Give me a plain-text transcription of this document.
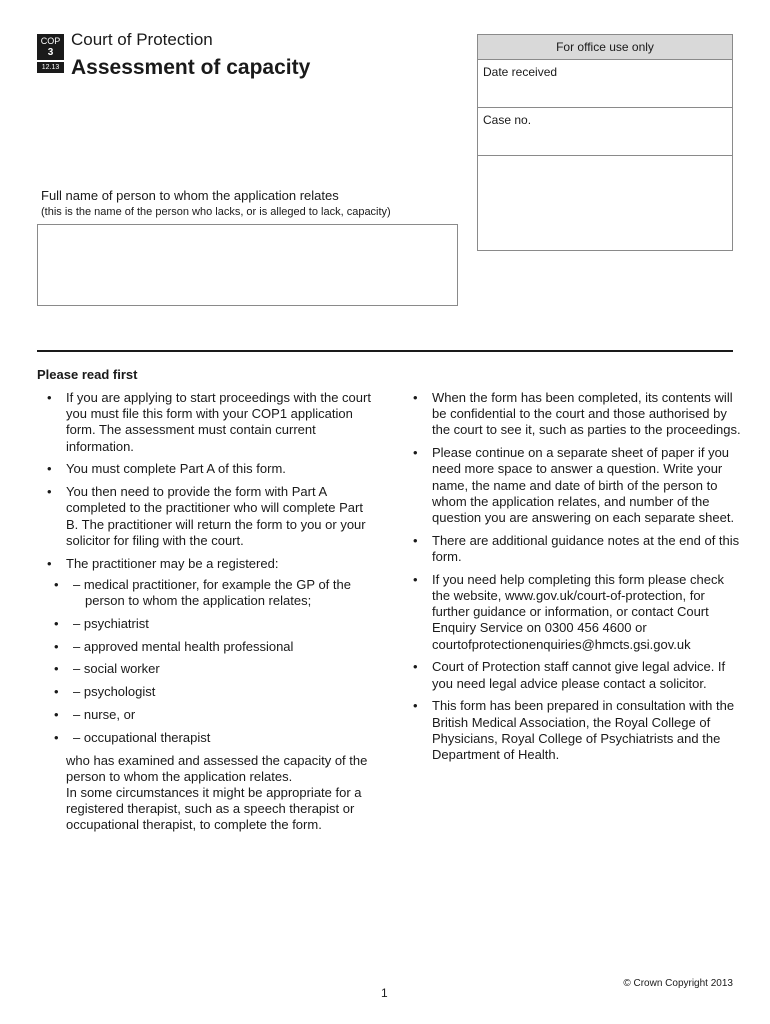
COP
3
12.13
Court of Protection
Assessment of capacity
For office use only
Date received
Case no.
Full name of person to whom the application relates
(this is the name of the person who lacks, or is alleged to lack, capacity)
Please read first
• If you are applying to start proceedings with the court you must file this form with your COP1 application form. The assessment must contain current information.
• You must complete Part A of this form.
• You then need to provide the form with Part A completed to the practitioner who will complete Part B. The practitioner will return the form to you or your solicitor for filing with the court.
• The practitioner may be a registered:
• – medical practitioner, for example the GP of the person to whom the application relates;
• – psychiatrist
• – approved mental health professional
• – social worker
• – psychologist
• – nurse, or
• – occupational therapist
who has examined and assessed the capacity of the person to whom the application relates.
In some circumstances it might be appropriate for a registered therapist, such as a speech therapist or occupational therapist, to complete the form.
• When the form has been completed, its contents will be confidential to the court and those authorised by the court to see it, such as parties to the proceedings.
• Please continue on a separate sheet of paper if you need more space to answer a question. Write your name, the name and date of birth of the person to whom the application relates, and number of the question you are answering on each separate sheet.
• There are additional guidance notes at the end of this form.
• If you need help completing this form please check the website, www.gov.uk/court-of-protection, for further guidance or information, or contact Court Enquiry Service on 0300 456 4600 or courtofprotectionenquiries@hmcts.gsi.gov.uk
• Court of Protection staff cannot give legal advice. If you need legal advice please contact a solicitor.
• This form has been prepared in consultation with the British Medical Association, the Royal College of Physicians, Royal College of Psychiatrists and the Department of Health.
© Crown Copyright 2013
1
